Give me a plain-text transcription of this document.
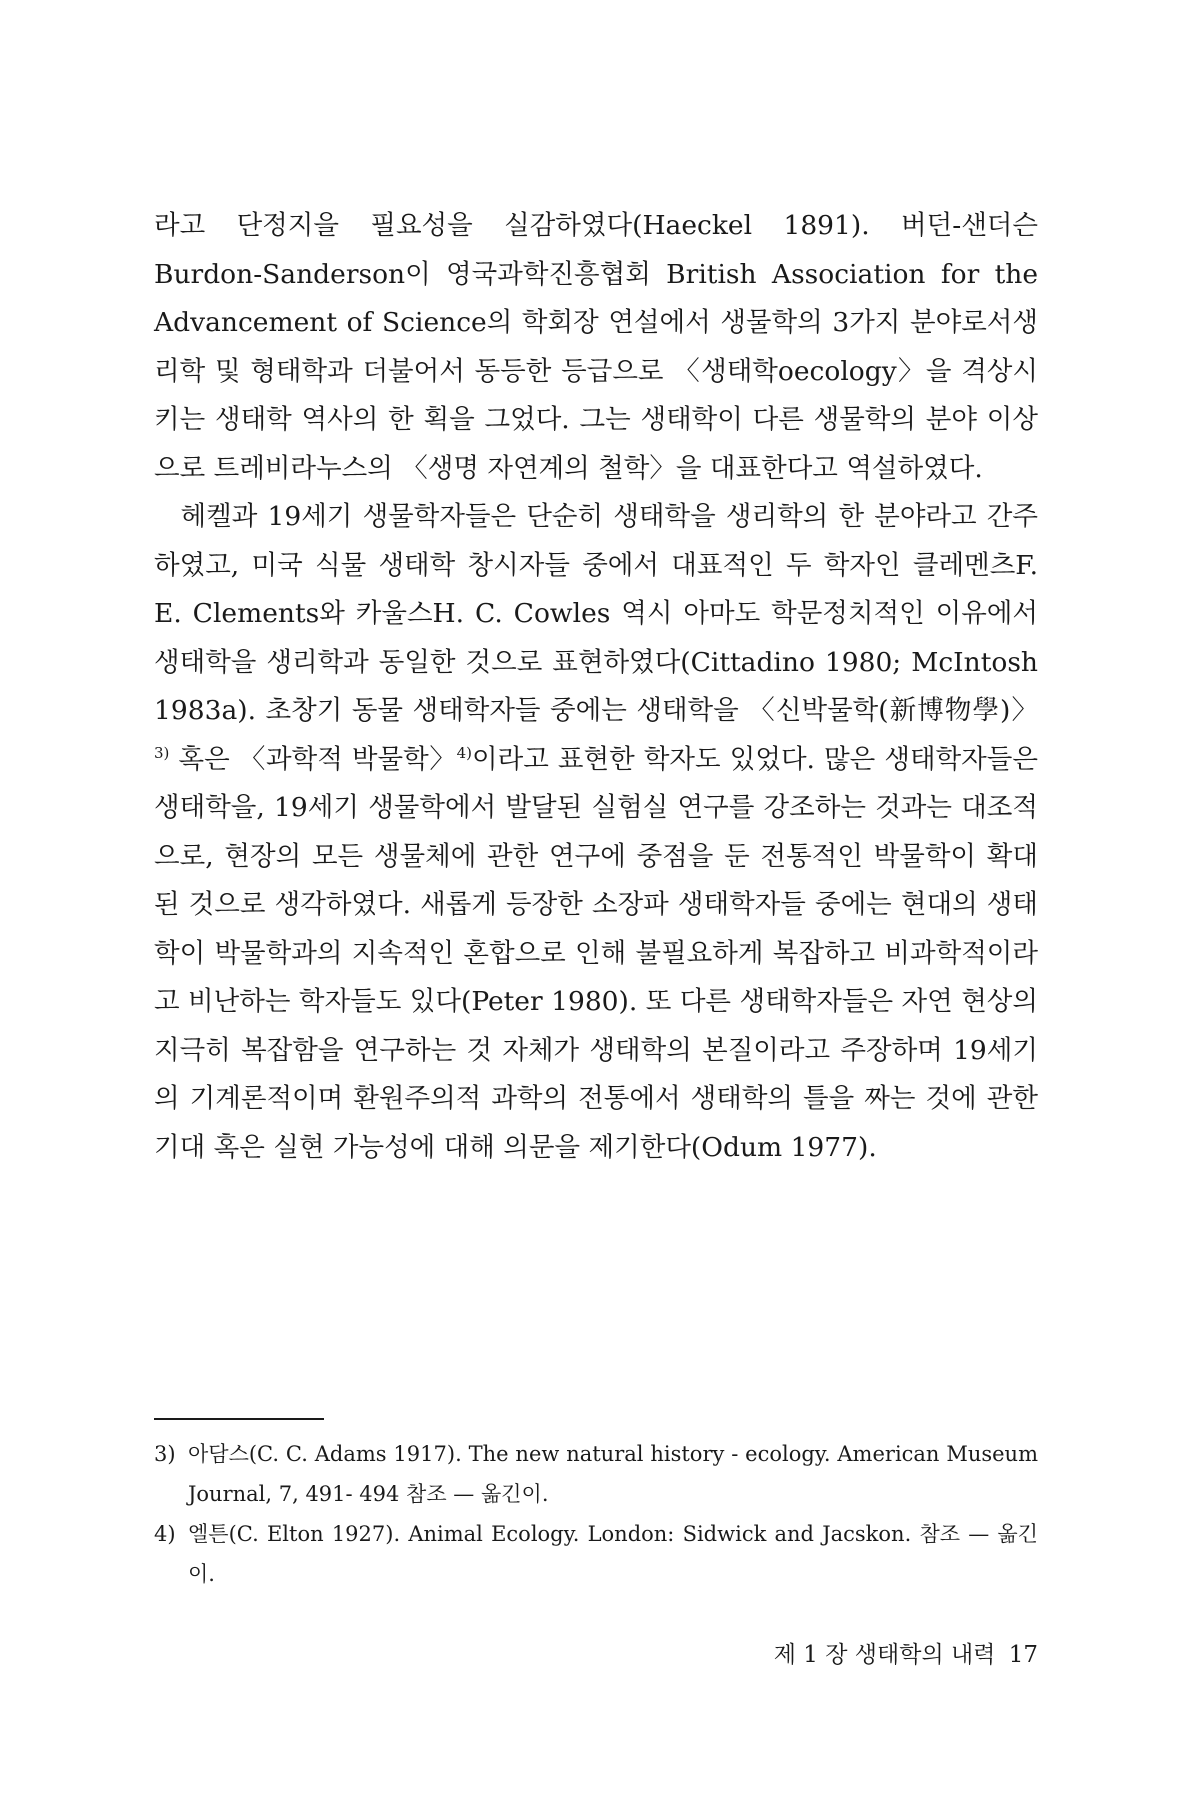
라고 단정지을 필요성을 실감하였다(Haeckel 1891). 버던-샌더슨 Burdon-Sanderson이 영국과학진흥협회 British Association for the Advancement of Science의 학회장 연설에서 생물학의 3가지 분야로서생리학 및 형태학과 더불어서 동등한 등급으로 〈생태학oecology〉을 격상시키는 생태학 역사의 한 획을 그었다. 그는 생태학이 다른 생물학의 분야 이상으로 트레비라누스의 〈생명 자연계의 철학〉을 대표한다고 역설하였다.

헤켈과 19세기 생물학자들은 단순히 생태학을 생리학의 한 분야라고 간주하였고, 미국 식물 생태학 창시자들 중에서 대표적인 두 학자인 클레멘츠F. E. Clements와 카울스H. C. Cowles 역시 아마도 학문정치적인 이유에서 생태학을 생리학과 동일한 것으로 표현하였다(Cittadino 1980; McIntosh 1983a). 초창기 동물 생태학자들 중에는 생태학을 〈신박물학(新博物學)〉$^{3)}$ 혹은 〈과학적 박물학〉$^{4)}$이라고 표현한 학자도 있었다. 많은 생태학자들은 생태학을, 19세기 생물학에서 발달된 실험실 연구를 강조하는 것과는 대조적으로, 현장의 모든 생물체에 관한 연구에 중점을 둔 전통적인 박물학이 확대된 것으로 생각하였다. 새롭게 등장한 소장파 생태학자들 중에는 현대의 생태학이 박물학과의 지속적인 혼합으로 인해 불필요하게 복잡하고 비과학적이라고 비난하는 학자들도 있다(Peter 1980). 또 다른 생태학자들은 자연 현상의 지극히 복잡함을 연구하는 것 자체가 생태학의 본질이라고 주장하며 19세기의 기계론적이며 환원주의적 과학의 전통에서 생태학의 틀을 짜는 것에 관한 기대 혹은 실현 가능성에 대해 의문을 제기한다(Odum 1977).

3) 아담스(C. C. Adams 1917). The new natural history - ecology. American Museum Journal, 7, 491- 494 참조 — 옮긴이.
4) 엘튼(C. Elton 1927). Animal Ecology. London: Sidwick and Jacskon. 참조 — 옮긴이.
제 1 장 생태학의 내력 17
